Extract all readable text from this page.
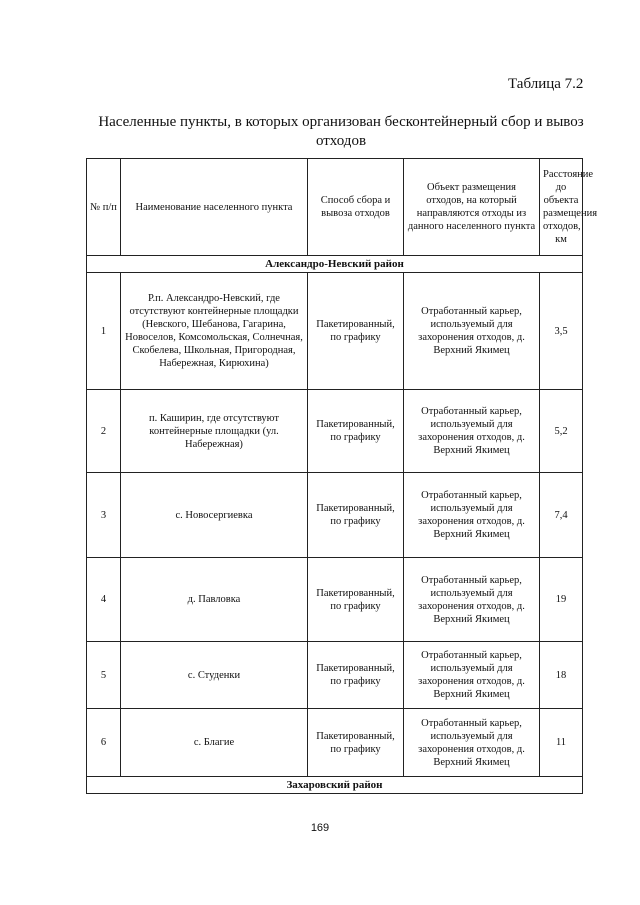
Таблица 7.2
Населенные пункты, в которых организован бесконтейнерный сбор и вывоз отходов
№ п/п	Наименование населенного пункта	Способ сбора и вывоза отходов	Объект размещения отходов, на который направляются отходы из данного населенного пункта	Расстояние до объекта размещения отходов, км
Александро-Невский район				
1	Р.п. Александро-Невский, где отсутствуют контейнерные площадки (Невского, Шебанова, Гагарина, Новоселов, Комсомольская, Солнечная, Скобелева, Школьная, Пригородная, Набережная, Кирюхина)	Пакетированный, по графику	Отработанный карьер, используемый для захоронения отходов, д. Верхний Якимец	3,5
2	п. Каширин, где отсутствуют контейнерные площадки (ул. Набережная)	Пакетированный, по графику	Отработанный карьер, используемый для захоронения отходов, д. Верхний Якимец	5,2
3	с. Новосергиевка	Пакетированный, по графику	Отработанный карьер, используемый для захоронения отходов, д. Верхний Якимец	7,4
4	д. Павловка	Пакетированный, по графику	Отработанный карьер, используемый для захоронения отходов, д. Верхний Якимец	19
5	с. Студенки	Пакетированный, по графику	Отработанный карьер, используемый для захоронения отходов, д. Верхний Якимец	18
6	с. Благие	Пакетированный, по графику	Отработанный карьер, используемый для захоронения отходов, д. Верхний Якимец	11
Захаровский район				
169
